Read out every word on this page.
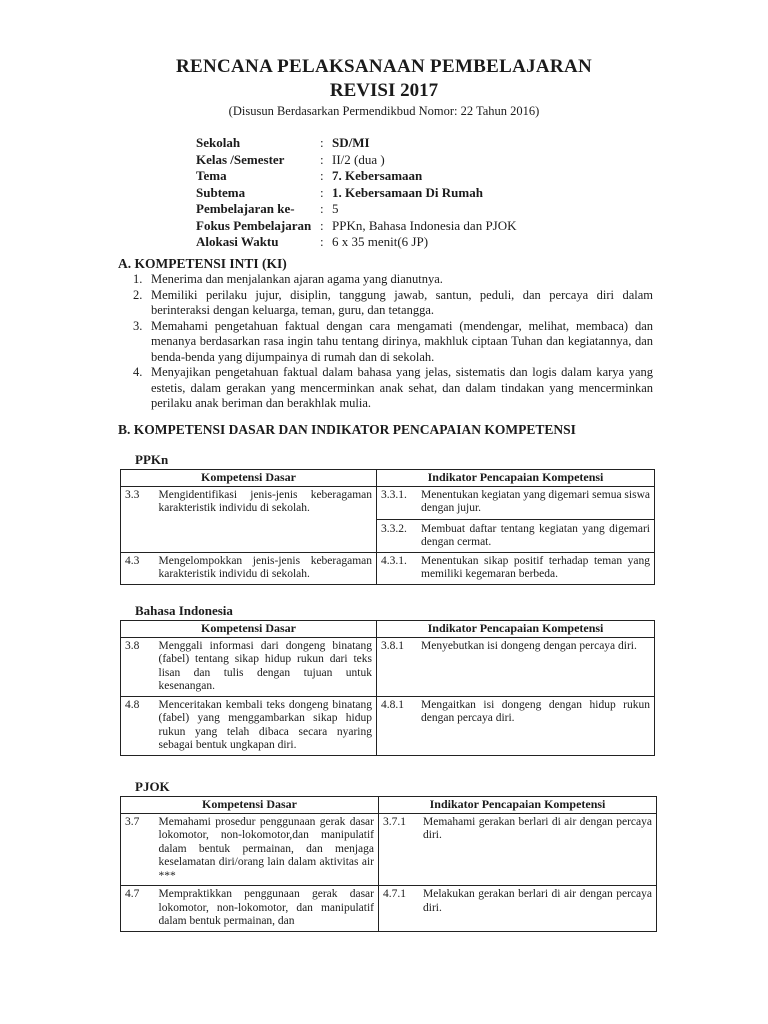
RENCANA PELAKSANAAN PEMBELAJARAN
REVISI 2017
(Disusun Berdasarkan Permendikbud Nomor: 22 Tahun 2016)
Sekolah	: SD/MI
Kelas /Semester	: II/2 (dua )
Tema	: 7. Kebersamaan
Subtema	: 1. Kebersamaan Di Rumah
Pembelajaran ke-	: 5
Fokus Pembelajaran : PPKn, Bahasa Indonesia dan PJOK
Alokasi Waktu	: 6 x 35 menit(6 JP)
A. KOMPETENSI INTI (KI)
1. Menerima dan menjalankan ajaran agama yang dianutnya.
2. Memiliki perilaku jujur, disiplin, tanggung jawab, santun, peduli, dan percaya diri dalam berinteraksi dengan keluarga, teman, guru, dan tetangga.
3. Memahami pengetahuan faktual dengan cara mengamati (mendengar, melihat, membaca) dan menanya berdasarkan rasa ingin tahu tentang dirinya, makhluk ciptaan Tuhan dan kegiatannya, dan benda-benda yang dijumpainya di rumah dan di sekolah.
4. Menyajikan pengetahuan faktual dalam bahasa yang jelas, sistematis dan logis dalam karya yang estetis, dalam gerakan yang mencerminkan anak sehat, dan dalam tindakan yang mencerminkan perilaku anak beriman dan berakhlak mulia.
B. KOMPETENSI DASAR DAN INDIKATOR PENCAPAIAN KOMPETENSI
PPKn
Kompetensi Dasar		Indikator Pencapaian Kompetensi
3.3	Mengidentifikasi jenis-jenis keberagaman karakteristik individu di sekolah.	3.3.1. Menentukan kegiatan yang digemari semua siswa dengan jujur.
3.3.2. Membuat daftar tentang kegiatan yang digemari dengan cermat.

4.3	Mengelompokkan jenis-jenis keberagaman karakteristik individu di sekolah.	4.3.1. Menentukan sikap positif terhadap teman yang memiliki kegemaran berbeda.
Bahasa Indonesia
Kompetensi Dasar		Indikator Pencapaian Kompetensi
3.8	Menggali informasi dari dongeng binatang (fabel) tentang sikap hidup rukun dari teks lisan dan tulis dengan tujuan untuk kesenangan.	3.8.1 Menyebutkan isi dongeng dengan percaya diri.

4.8	Menceritakan kembali teks dongeng binatang (fabel) yang menggambarkan sikap hidup rukun yang telah dibaca secara nyaring sebagai bentuk ungkapan diri.	4.8.1 Mengaitkan isi dongeng dengan hidup rukun dengan percaya diri.
PJOK
Kompetensi Dasar		Indikator Pencapaian Kompetensi
3.7	Memahami prosedur penggunaan gerak dasar lokomotor, non-lokomotor,dan manipulatif dalam bentuk permainan, dan menjaga keselamatan diri/orang lain dalam aktivitas air ***	3.7.1 Memahami gerakan berlari di air dengan percaya diri.

4.7	Mempraktikkan penggunaan gerak dasar lokomotor, non-lokomotor, dan manipulatif dalam bentuk permainan, dan	4.7.1 Melakukan gerakan berlari di air dengan percaya diri.
